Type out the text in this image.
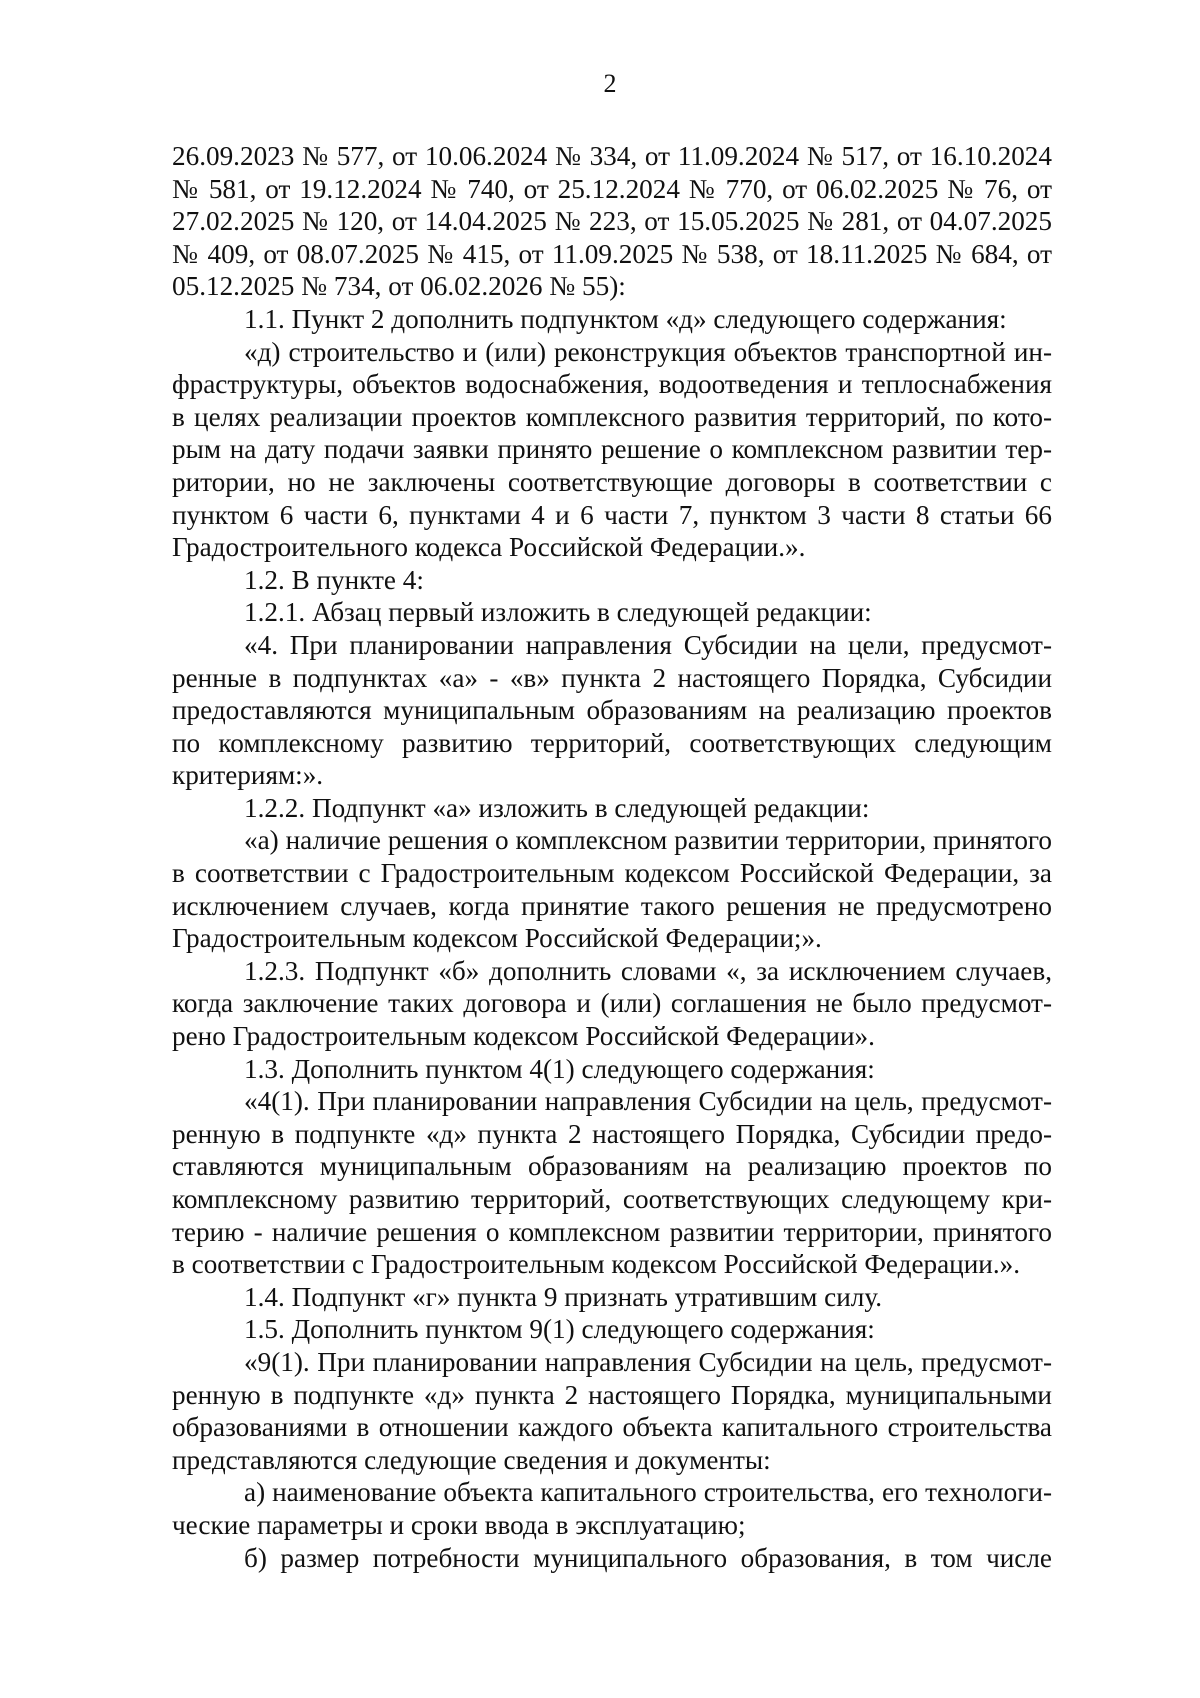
2

26.09.2023 № 577, от 10.06.2024 № 334, от 11.09.2024 № 517, от 16.10.2024 № 581, от 19.12.2024 № 740, от 25.12.2024 № 770, от 06.02.2025 № 76, от 27.02.2025 № 120, от 14.04.2025 № 223, от 15.05.2025 № 281, от 04.07.2025 № 409, от 08.07.2025 № 415, от 11.09.2025 № 538, от 18.11.2025 № 684, от 05.12.2025 № 734, от 06.02.2026 № 55):

1.1. Пункт 2 дополнить подпунктом «д» следующего содержания:

«д) строительство и (или) реконструкция объектов транспортной инфраструктуры, объектов водоснабжения, водоотведения и теплоснабжения в целях реализации проектов комплексного развития территорий, по которым на дату подачи заявки принято решение о комплексном развитии территории, но не заключены соответствующие договоры в соответствии с пунктом 6 части 6, пунктами 4 и 6 части 7, пунктом 3 части 8 статьи 66 Градостроительного кодекса Российской Федерации.».

1.2. В пункте 4:

1.2.1. Абзац первый изложить в следующей редакции:

«4. При планировании направления Субсидии на цели, предусмотренные в подпунктах «а» - «в» пункта 2 настоящего Порядка, Субсидии предоставляются муниципальным образованиям на реализацию проектов по комплексному развитию территорий, соответствующих следующим критериям:».

1.2.2. Подпункт «а» изложить в следующей редакции:

«а) наличие решения о комплексном развитии территории, принятого в соответствии с Градостроительным кодексом Российской Федерации, за исключением случаев, когда принятие такого решения не предусмотрено Градостроительным кодексом Российской Федерации;».

1.2.3. Подпункт «б» дополнить словами «, за исключением случаев, когда заключение таких договора и (или) соглашения не было предусмотрено Градостроительным кодексом Российской Федерации».

1.3. Дополнить пунктом 4(1) следующего содержания:

«4(1). При планировании направления Субсидии на цель, предусмотренную в подпункте «д» пункта 2 настоящего Порядка, Субсидии предоставляются муниципальным образованиям на реализацию проектов по комплексному развитию территорий, соответствующих следующему критерию - наличие решения о комплексном развитии территории, принятого в соответствии с Градостроительным кодексом Российской Федерации.».

1.4. Подпункт «г» пункта 9 признать утратившим силу.

1.5. Дополнить пунктом 9(1) следующего содержания:

«9(1). При планировании направления Субсидии на цель, предусмотренную в подпункте «д» пункта 2 настоящего Порядка, муниципальными образованиями в отношении каждого объекта капитального строительства представляются следующие сведения и документы:

а) наименование объекта капитального строительства, его технологические параметры и сроки ввода в эксплуатацию;

б) размер потребности муниципального образования, в том числе
